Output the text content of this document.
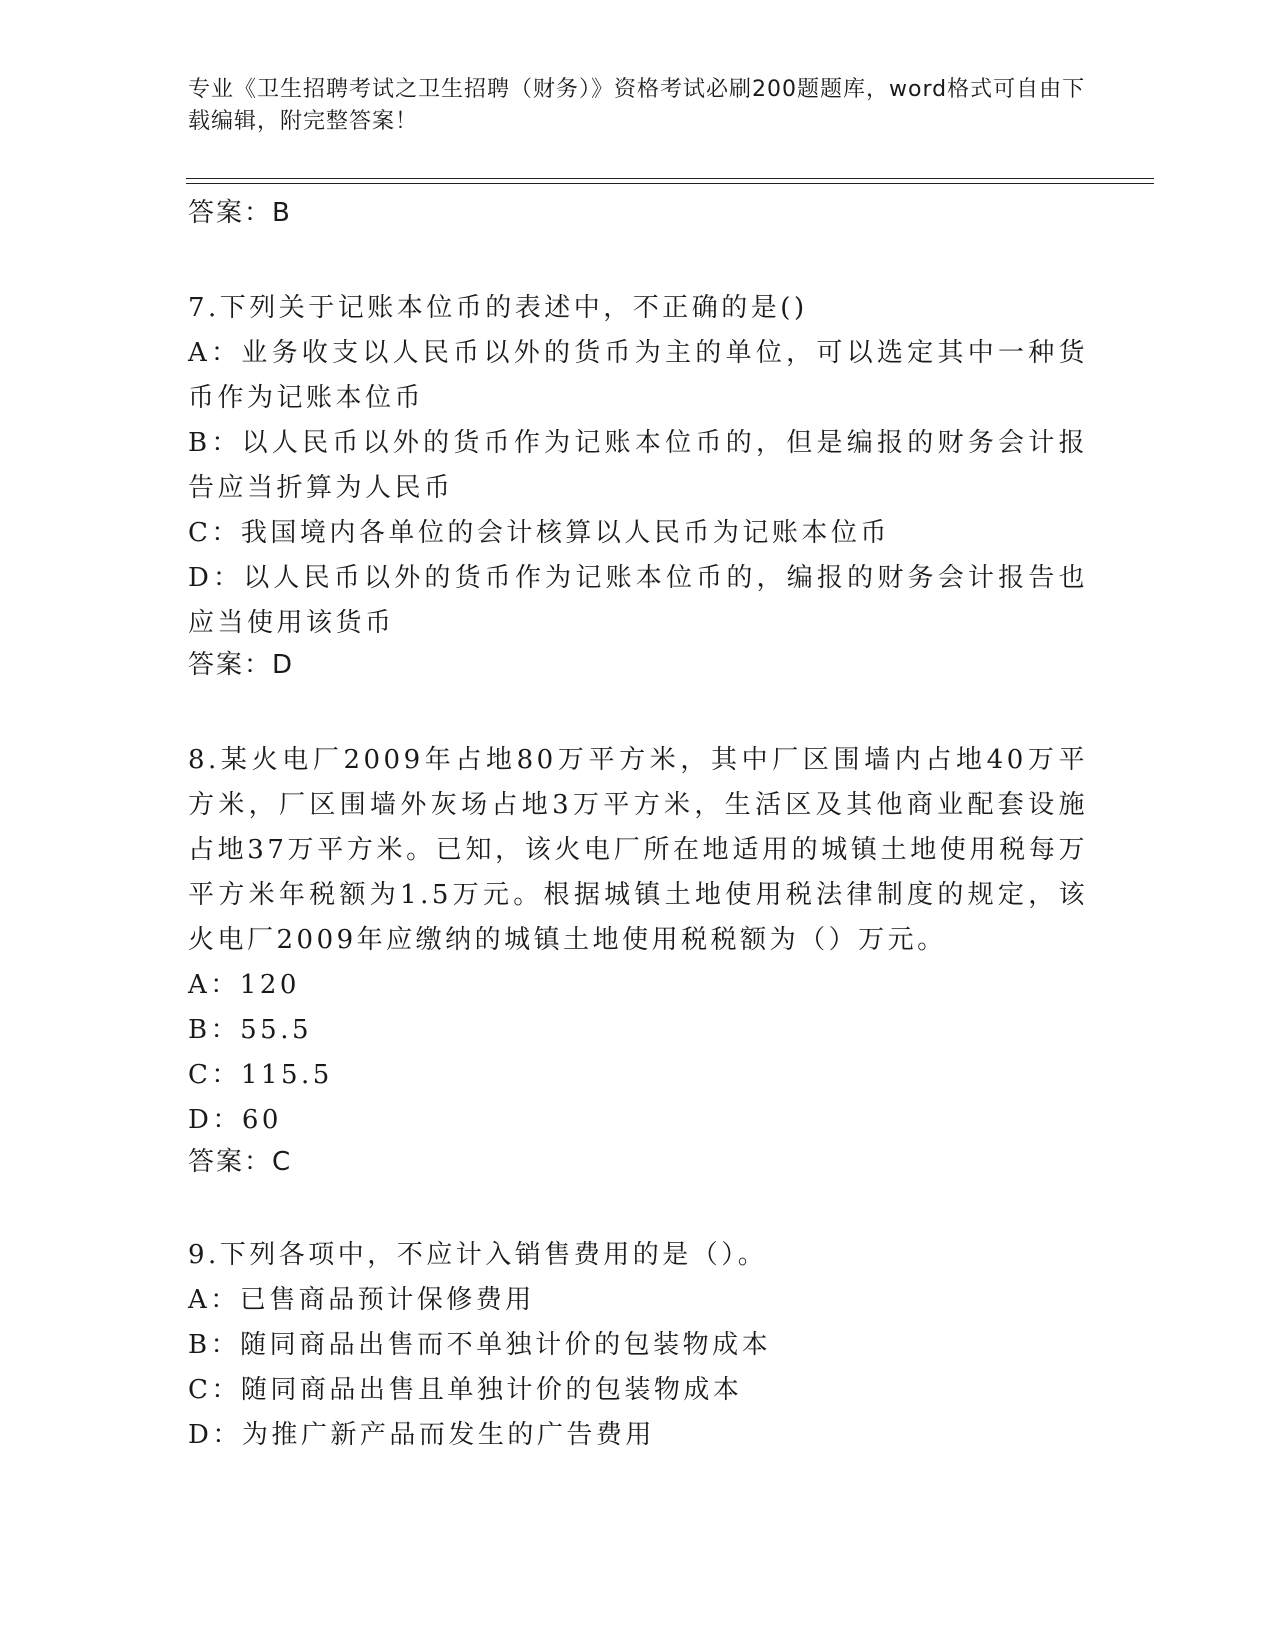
专业《卫生招聘考试之卫生招聘（财务）》资格考试必刷200题题库，word格式可自由下载编辑，附完整答案！

答案：B

7.下列关于记账本位币的表述中，不正确的是()

A：业务收支以人民币以外的货币为主的单位，可以选定其中一种货币作为记账本位币

B：以人民币以外的货币作为记账本位币的，但是编报的财务会计报告应当折算为人民币

C：我国境内各单位的会计核算以人民币为记账本位币

D：以人民币以外的货币作为记账本位币的，编报的财务会计报告也应当使用该货币

答案：D

8.某火电厂2009年占地80万平方米，其中厂区围墙内占地40万平方米，厂区围墙外灰场占地3万平方米，生活区及其他商业配套设施占地37万平方米。已知，该火电厂所在地适用的城镇土地使用税每万平方米年税额为1.5万元。根据城镇土地使用税法律制度的规定，该火电厂2009年应缴纳的城镇土地使用税税额为（）万元。

A：120

B：55.5

C：115.5

D：60

答案：C

9.下列各项中，不应计入销售费用的是（）。

A：已售商品预计保修费用

B：随同商品出售而不单独计价的包装物成本

C：随同商品出售且单独计价的包装物成本

D：为推广新产品而发生的广告费用
